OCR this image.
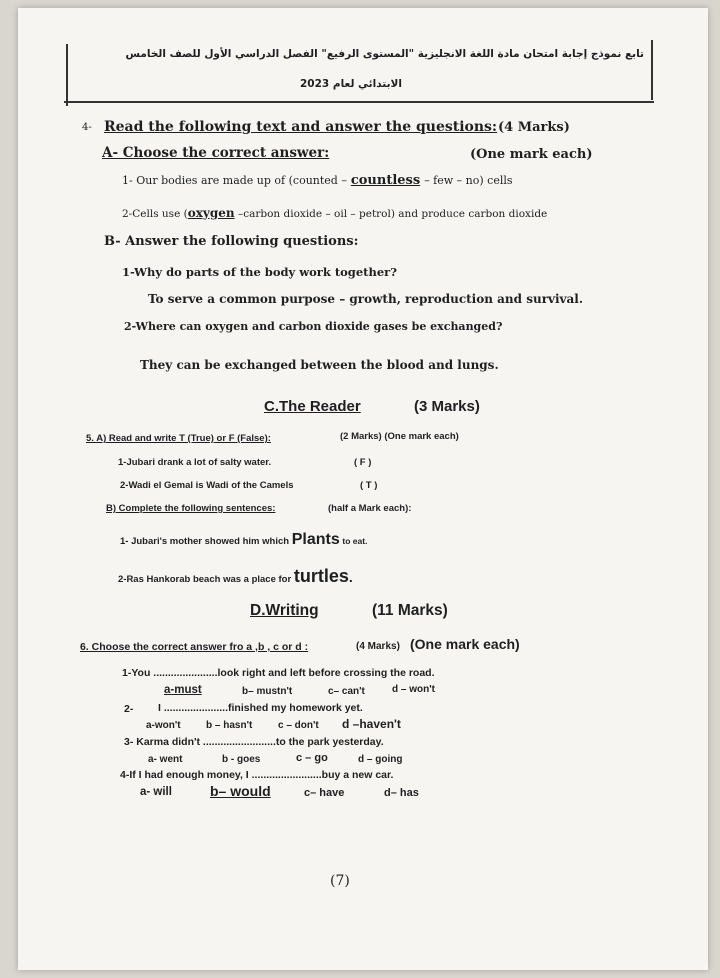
تابع نموذج إجابة امتحان مادة اللغة الانجليزية "المستوى الرفيع" الفصل الدراسي الأول للصف الخامس
الابتدائي لعام 2023
4- Read the following text and answer the questions: (4 Marks)
A- Choose the correct answer:	(One mark each)
1- Our bodies are made up of (counted – countless – few – no) cells
2-Cells use (oxygen –carbon dioxide – oil – petrol) and produce carbon dioxide
B- Answer the following questions:
1-Why do parts of the body work together?
To serve a common purpose – growth, reproduction and survival.
2-Where can oxygen and carbon dioxide gases be exchanged?
They can be exchanged between the blood and lungs.
C.The Reader	(3 Marks)
5. A) Read and write T (True) or F (False):	(2 Marks) (One mark each)
1-Jubari drank a lot of salty water.	( F )
2-Wadi el Gemal is Wadi of the Camels	( T )
B) Complete the following sentences:	(half a Mark each):
1- Jubari's mother showed him which Plants to eat.
2-Ras Hankorab beach was a place for turtles.
D.Writing	(11 Marks)
6. Choose the correct answer fro a ,b , c or d :	(4 Marks) (One mark each)
1-You ......................look right and left before crossing the road.
a-must	b– mustn't	c– can't	d – won't
2- I ......................finished my homework yet.
a-won't	b – hasn't	c – don't d –haven't
3- Karma didn't .........................to the park yesterday.
a- went	b - goes	c – go	d – going
4-If I had enough money, I ........................buy a new car.
a- will	b– would	c– have	d– has
(7)
